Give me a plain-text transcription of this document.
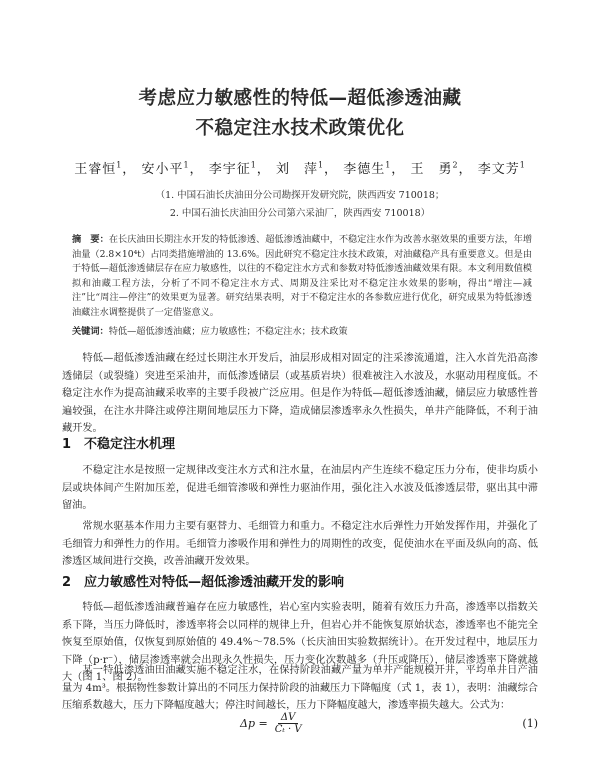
考虑应力敏感性的特低—超低渗透油藏
不稳定注水技术政策优化
王睿恒$^1$， 安小平$^1$， 李宇征$^1$， 刘　萍$^1$， 李德生$^1$， 王　勇$^2$， 李文芳$^1$
（1. 中国石油长庆油田分公司勘探开发研究院，陕西西安 710018；
2. 中国石油长庆油田分公司第六采油厂，陕西西安 710018）
摘　要：在长庆油田长期注水开发的特低渗透、超低渗透油藏中，不稳定注水作为改善水驱效果的重要方法，年增油量（2.8×10⁴t）占同类措施增油的 13.6%。因此研究不稳定注水技术政策，对油藏稳产具有重要意义。但是由于特低—超低渗透储层存在应力敏感性，以往的不稳定注水方式和参数对特低渗透油藏效果有限。本文利用数值模拟和油藏工程方法，分析了不同不稳定注水方式、周期及注采比对不稳定注水效果的影响，得出“增注—减注”比“周注—停注”的效果更为显著。研究结果表明，对于不稳定注水的各参数应进行优化，研究成果为特低渗透油藏注水调整提供了一定借鉴意义。
关键词：特低—超低渗透油藏；应力敏感性；不稳定注水；技术政策

特低—超低渗透油藏在经过长期注水开发后，油层形成相对固定的注采渗流通道，注入水首先沿高渗透储层（或裂缝）突进至采油井，而低渗透储层（或基质岩块）很难被注入水波及，水驱动用程度低。不稳定注水作为提高油藏采收率的主要手段被广泛应用。但是作为特低—超低渗透油藏，储层应力敏感性普遍较强，在注水井降注或停注期间地层压力下降，造成储层渗透率永久性损失，单井产能降低，不利于油藏开发。

1 不稳定注水机理

不稳定注水是按照一定规律改变注水方式和注水量，在油层内产生连续不稳定压力分布，使非均质小层或块体间产生附加压差，促进毛细管渗吸和弹性力驱油作用，强化注入水波及低渗透层带，驱出其中滞留油。

常规水驱基本作用力主要有驱替力、毛细管力和重力。不稳定注水后弹性力开始发挥作用，并强化了毛细管力和弹性力的作用。毛细管力渗吸作用和弹性力的周期性的改变，促使油水在平面及纵向的高、低渗透区域间进行交换，改善油藏开发效果。

2 应力敏感性对特低—超低渗透油藏开发的影响

特低—超低渗透油藏普遍存在应力敏感性，岩心室内实验表明，随着有效压力升高，渗透率以指数关系下降，当压力降低时，渗透率将会以同样的规律上升，但岩心并不能恢复原始状态，渗透率也不能完全恢复至原始值，仅恢复到原始值的 49.4%～78.5%（长庆油田实验数据统计）。在开发过程中，地层压力下降（p·r⁻），储层渗透率就会出现永久性损失，压力变化次数越多（升压或降压），储层渗透率下降就越大（图 1、图 2）。

某一特低渗透油田油藏实施不稳定注水，在保持阶段油藏产量为单井产能规模开井，平均单井日产油量为 4m³。根据物性参数计算出的不同压力保持阶段的油藏压力下降幅度（式 1，表 1），表明：油藏综合压缩系数越大，压力下降幅度越大；停注时间越长，压力下降幅度越大，渗透率损失越大。公式为：

$\Delta p = \frac{\Delta V}{\text{Cₜ · V}}$	(1)
